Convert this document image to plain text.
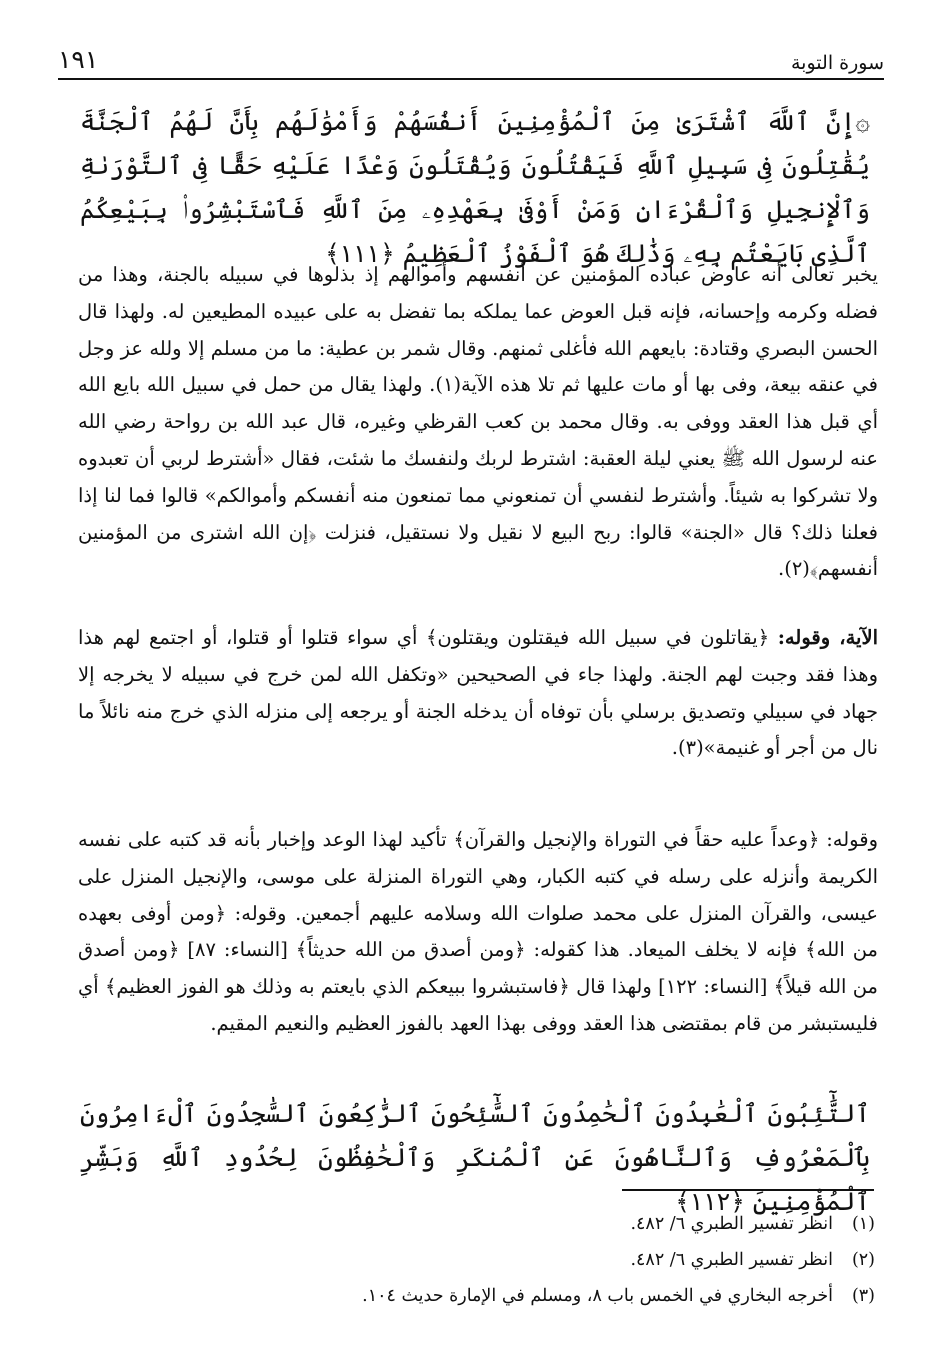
سورة التوبة
١٩١
۞إِنَّ ٱللَّهَ ٱشْتَرَىٰ مِنَ ٱلْمُؤْمِنِينَ أَنفُسَهُمْ وَأَمْوَٰلَهُم بِأَنَّ لَهُمُ ٱلْجَنَّةَ يُقَٰتِلُونَ فِى سَبِيلِ ٱللَّهِ فَيَقْتُلُونَ وَيُقْتَلُونَ وَعْدًا عَلَيْهِ حَقًّا فِى ٱلتَّوْرَىٰةِ وَٱلْإِنجِيلِ وَٱلْقُرْءَانِ وَمَنْ أَوْفَىٰ بِعَهْدِهِۦ مِنَ ٱللَّهِ فَٱسْتَبْشِرُوا۟ بِبَيْعِكُمُ ٱلَّذِى بَايَعْتُم بِهِۦ وَذَٰلِكَ هُوَ ٱلْفَوْزُ ٱلْعَظِيمُ ﴿١١١﴾
يخبر تعالى أنه عاوض عباده المؤمنين عن أنفسهم وأموالهم إذ بذلوها في سبيله بالجنة، وهذا من فضله وكرمه وإحسانه، فإنه قبل العوض عما يملكه بما تفضل به على عبيده المطيعين له. ولهذا قال الحسن البصري وقتادة: بايعهم الله فأغلى ثمنهم. وقال شمر بن عطية: ما من مسلم إلا ولله عز وجل في عنقه بيعة، وفى بها أو مات عليها ثم تلا هذه الآية(١). ولهذا يقال من حمل في سبيل الله بايع الله أي قبل هذا العقد ووفى به. وقال محمد بن كعب القرظي وغيره، قال عبد الله بن رواحة رضي الله عنه لرسول الله ﷺ يعني ليلة العقبة: اشترط لربك ولنفسك ما شئت، فقال «أشترط لربي أن تعبدوه ولا تشركوا به شيئاً. وأشترط لنفسي أن تمنعوني مما تمنعون منه أنفسكم وأموالكم» قالوا فما لنا إذا فعلنا ذلك؟ قال «الجنة» قالوا: ربح البيع لا نقيل ولا نستقيل، فنزلت ﴿إن الله اشترى من المؤمنين أنفسهم﴾(٢).
الآية، وقوله: ﴿يقاتلون في سبيل الله فيقتلون ويقتلون﴾ أي سواء قتلوا أو قتلوا، أو اجتمع لهم هذا وهذا فقد وجبت لهم الجنة. ولهذا جاء في الصحيحين «وتكفل الله لمن خرج في سبيله لا يخرجه إلا جهاد في سبيلي وتصديق برسلي بأن توفاه أن يدخله الجنة أو يرجعه إلى منزله الذي خرج منه نائلاً ما نال من أجر أو غنيمة»(٣).
وقوله: ﴿وعداً عليه حقاً في التوراة والإنجيل والقرآن﴾ تأكيد لهذا الوعد وإخبار بأنه قد كتبه على نفسه الكريمة وأنزله على رسله في كتبه الكبار، وهي التوراة المنزلة على موسى، والإنجيل المنزل على عيسى، والقرآن المنزل على محمد صلوات الله وسلامه عليهم أجمعين. وقوله: ﴿ومن أوفى بعهده من الله﴾ فإنه لا يخلف الميعاد. هذا كقوله: ﴿ومن أصدق من الله حديثاً﴾ [النساء: ٨٧] ﴿ومن أصدق من الله قيلاً﴾ [النساء: ١٢٢] ولهذا قال ﴿فاستبشروا ببيعكم الذي بايعتم به وذلك هو الفوز العظيم﴾ أي فليستبشر من قام بمقتضى هذا العقد ووفى بهذا العهد بالفوز العظيم والنعيم المقيم.
ٱلتَّٰٓئِبُونَ ٱلْعَٰبِدُونَ ٱلْحَٰمِدُونَ ٱلسَّٰٓئِحُونَ ٱلرَّٰكِعُونَ ٱلسَّٰجِدُونَ ٱلْءَامِرُونَ بِٱلْمَعْرُوفِ وَٱلنَّاهُونَ عَنِ ٱلْمُنكَرِ وَٱلْحَٰفِظُونَ لِحُدُودِ ٱللَّهِ وَبَشِّرِ ٱلْمُؤْمِنِينَ ﴿١١٢﴾
(١)
انظر تفسير الطبري ٦/ ٤٨٢.
(٢)
انظر تفسير الطبري ٦/ ٤٨٢.
(٣)
أخرجه البخاري في الخمس باب ٨، ومسلم في الإمارة حديث ١٠٤.
